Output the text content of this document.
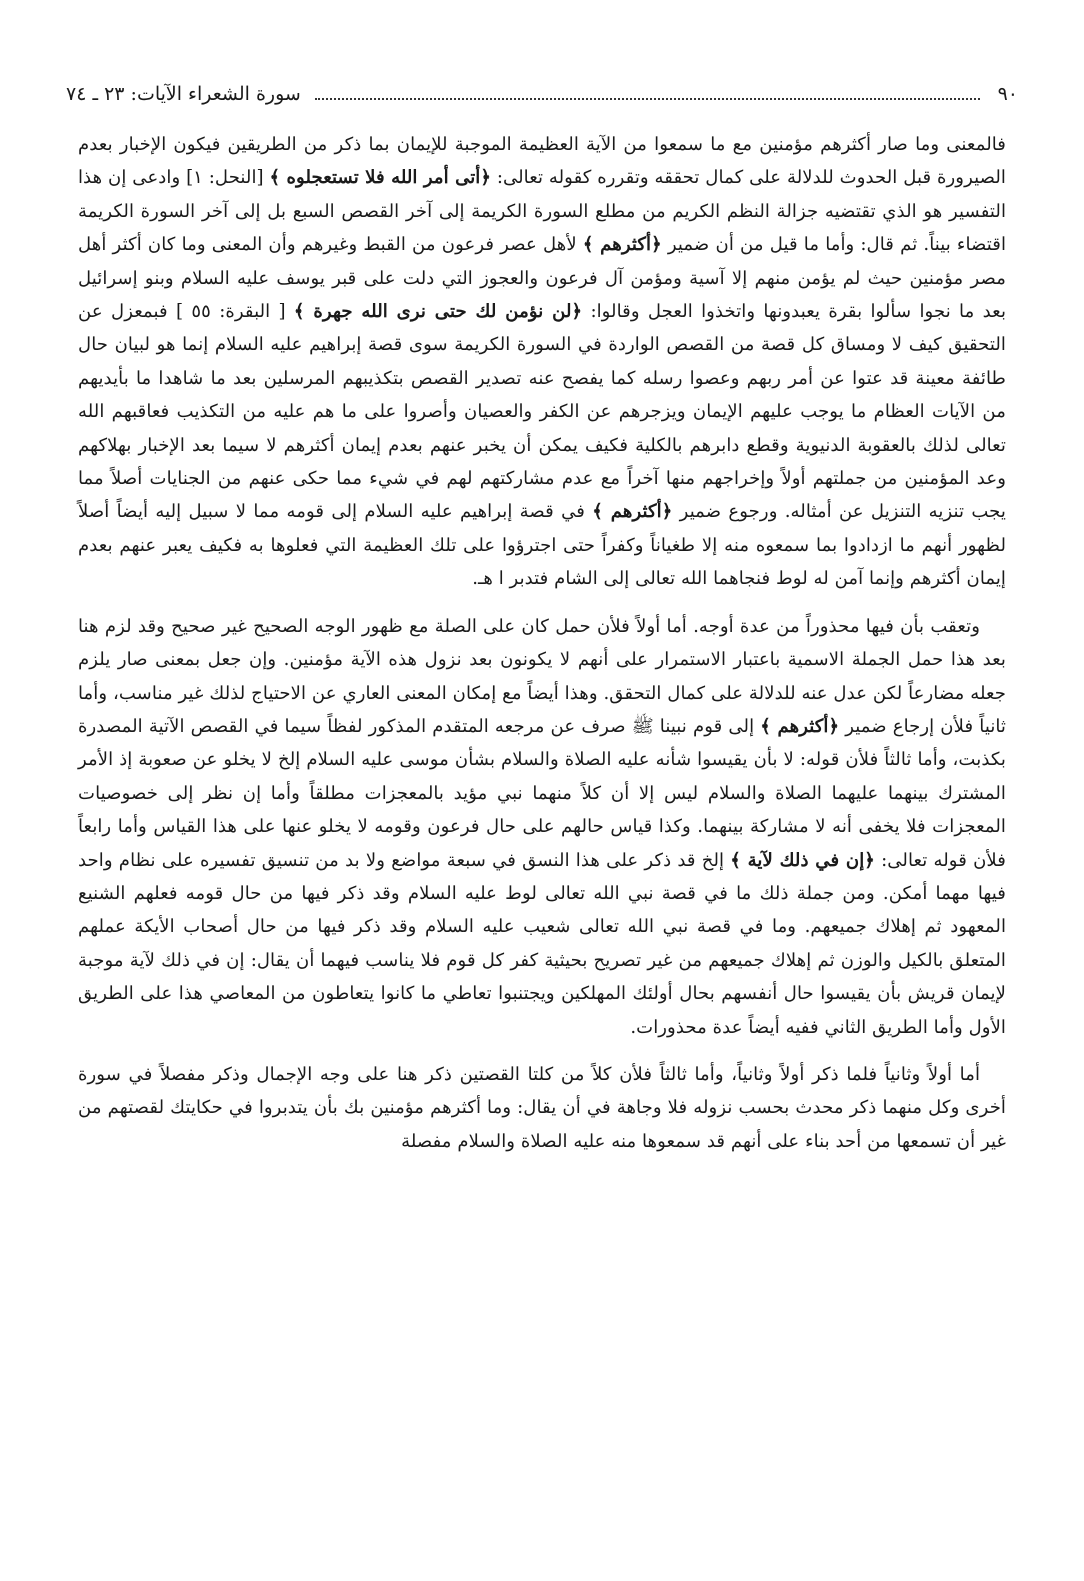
٩٠
سورة الشعراء الآيات: ٢٣ ـ ٧٤

فالمعنى وما صار أكثرهم مؤمنين مع ما سمعوا من الآية العظيمة الموجبة للإيمان بما ذكر من الطريقين فيكون الإخبار بعدم الصيرورة قبل الحدوث للدلالة على كمال تحققه وتقرره كقوله تعالى: ﴿أتى أمر الله فلا تستعجلوه ﴾ [النحل: ١] وادعى إن هذا التفسير هو الذي تقتضيه جزالة النظم الكريم من مطلع السورة الكريمة إلى آخر القصص السبع بل إلى آخر السورة الكريمة اقتضاء بيناً. ثم قال: وأما ما قيل من أن ضمير ﴿أكثرهم ﴾ لأهل عصر فرعون من القبط وغيرهم وأن المعنى وما كان أكثر أهل مصر مؤمنين حيث لم يؤمن منهم إلا آسية ومؤمن آل فرعون والعجوز التي دلت على قبر يوسف عليه السلام وبنو إسرائيل بعد ما نجوا سألوا بقرة يعبدونها واتخذوا العجل وقالوا: ﴿لن نؤمن لك حتى نرى الله جهرة ﴾ [ البقرة: ٥٥ ] فبمعزل عن التحقيق كيف لا ومساق كل قصة من القصص الواردة في السورة الكريمة سوى قصة إبراهيم عليه السلام إنما هو لبيان حال طائفة معينة قد عتوا عن أمر ربهم وعصوا رسله كما يفصح عنه تصدير القصص بتكذيبهم المرسلين بعد ما شاهدا ما بأيديهم من الآيات العظام ما يوجب عليهم الإيمان ويزجرهم عن الكفر والعصيان وأصروا على ما هم عليه من التكذيب فعاقبهم الله تعالى لذلك بالعقوبة الدنيوية وقطع دابرهم بالكلية فكيف يمكن أن يخبر عنهم بعدم إيمان أكثرهم لا سيما بعد الإخبار بهلاكهم وعد المؤمنين من جملتهم أولاً وإخراجهم منها آخراً مع عدم مشاركتهم لهم في شيء مما حكى عنهم من الجنايات أصلاً مما يجب تنزيه التنزيل عن أمثاله. ورجوع ضمير ﴿أكثرهم ﴾ في قصة إبراهيم عليه السلام إلى قومه مما لا سبيل إليه أيضاً أصلاً لظهور أنهم ما ازدادوا بما سمعوه منه إلا طغياناً وكفراً حتى اجترؤوا على تلك العظيمة التي فعلوها به فكيف يعبر عنهم بعدم إيمان أكثرهم وإنما آمن له لوط فنجاهما الله تعالى إلى الشام فتدبر ا هـ.

وتعقب بأن فيها محذوراً من عدة أوجه. أما أولاً فلأن حمل كان على الصلة مع ظهور الوجه الصحيح غير صحيح وقد لزم هنا بعد هذا حمل الجملة الاسمية باعتبار الاستمرار على أنهم لا يكونون بعد نزول هذه الآية مؤمنين. وإن جعل بمعنى صار يلزم جعله مضارعاً لكن عدل عنه للدلالة على كمال التحقق. وهذا أيضاً مع إمكان المعنى العاري عن الاحتياج لذلك غير مناسب، وأما ثانياً فلأن إرجاع ضمير ﴿أكثرهم ﴾ إلى قوم نبينا ﷺ صرف عن مرجعه المتقدم المذكور لفظاً سيما في القصص الآتية المصدرة بكذبت، وأما ثالثاً فلأن قوله: لا بأن يقيسوا شأنه عليه الصلاة والسلام بشأن موسى عليه السلام إلخ لا يخلو عن صعوبة إذ الأمر المشترك بينهما عليهما الصلاة والسلام ليس إلا أن كلاً منهما نبي مؤيد بالمعجزات مطلقاً وأما إن نظر إلى خصوصيات المعجزات فلا يخفى أنه لا مشاركة بينهما. وكذا قياس حالهم على حال فرعون وقومه لا يخلو عنها على هذا القياس وأما رابعاً فلأن قوله تعالى: ﴿إن في ذلك لآية ﴾ إلخ قد ذكر على هذا النسق في سبعة مواضع ولا بد من تنسيق تفسيره على نظام واحد فيها مهما أمكن. ومن جملة ذلك ما في قصة نبي الله تعالى لوط عليه السلام وقد ذكر فيها من حال قومه فعلهم الشنيع المعهود ثم إهلاك جميعهم. وما في قصة نبي الله تعالى شعيب عليه السلام وقد ذكر فيها من حال أصحاب الأيكة عملهم المتعلق بالكيل والوزن ثم إهلاك جميعهم من غير تصريح بحيثية كفر كل قوم فلا يناسب فيهما أن يقال: إن في ذلك لآية موجبة لإيمان قريش بأن يقيسوا حال أنفسهم بحال أولئك المهلكين ويجتنبوا تعاطي ما كانوا يتعاطون من المعاصي هذا على الطريق الأول وأما الطريق الثاني ففيه أيضاً عدة محذورات.

أما أولاً وثانياً فلما ذكر أولاً وثانياً، وأما ثالثاً فلأن كلاً من كلتا القصتين ذكر هنا على وجه الإجمال وذكر مفصلاً في سورة أخرى وكل منهما ذكر محدث بحسب نزوله فلا وجاهة في أن يقال: وما أكثرهم مؤمنين بك بأن يتدبروا في حكايتك لقصتهم من غير أن تسمعها من أحد بناء على أنهم قد سمعوها منه عليه الصلاة والسلام مفصلة
